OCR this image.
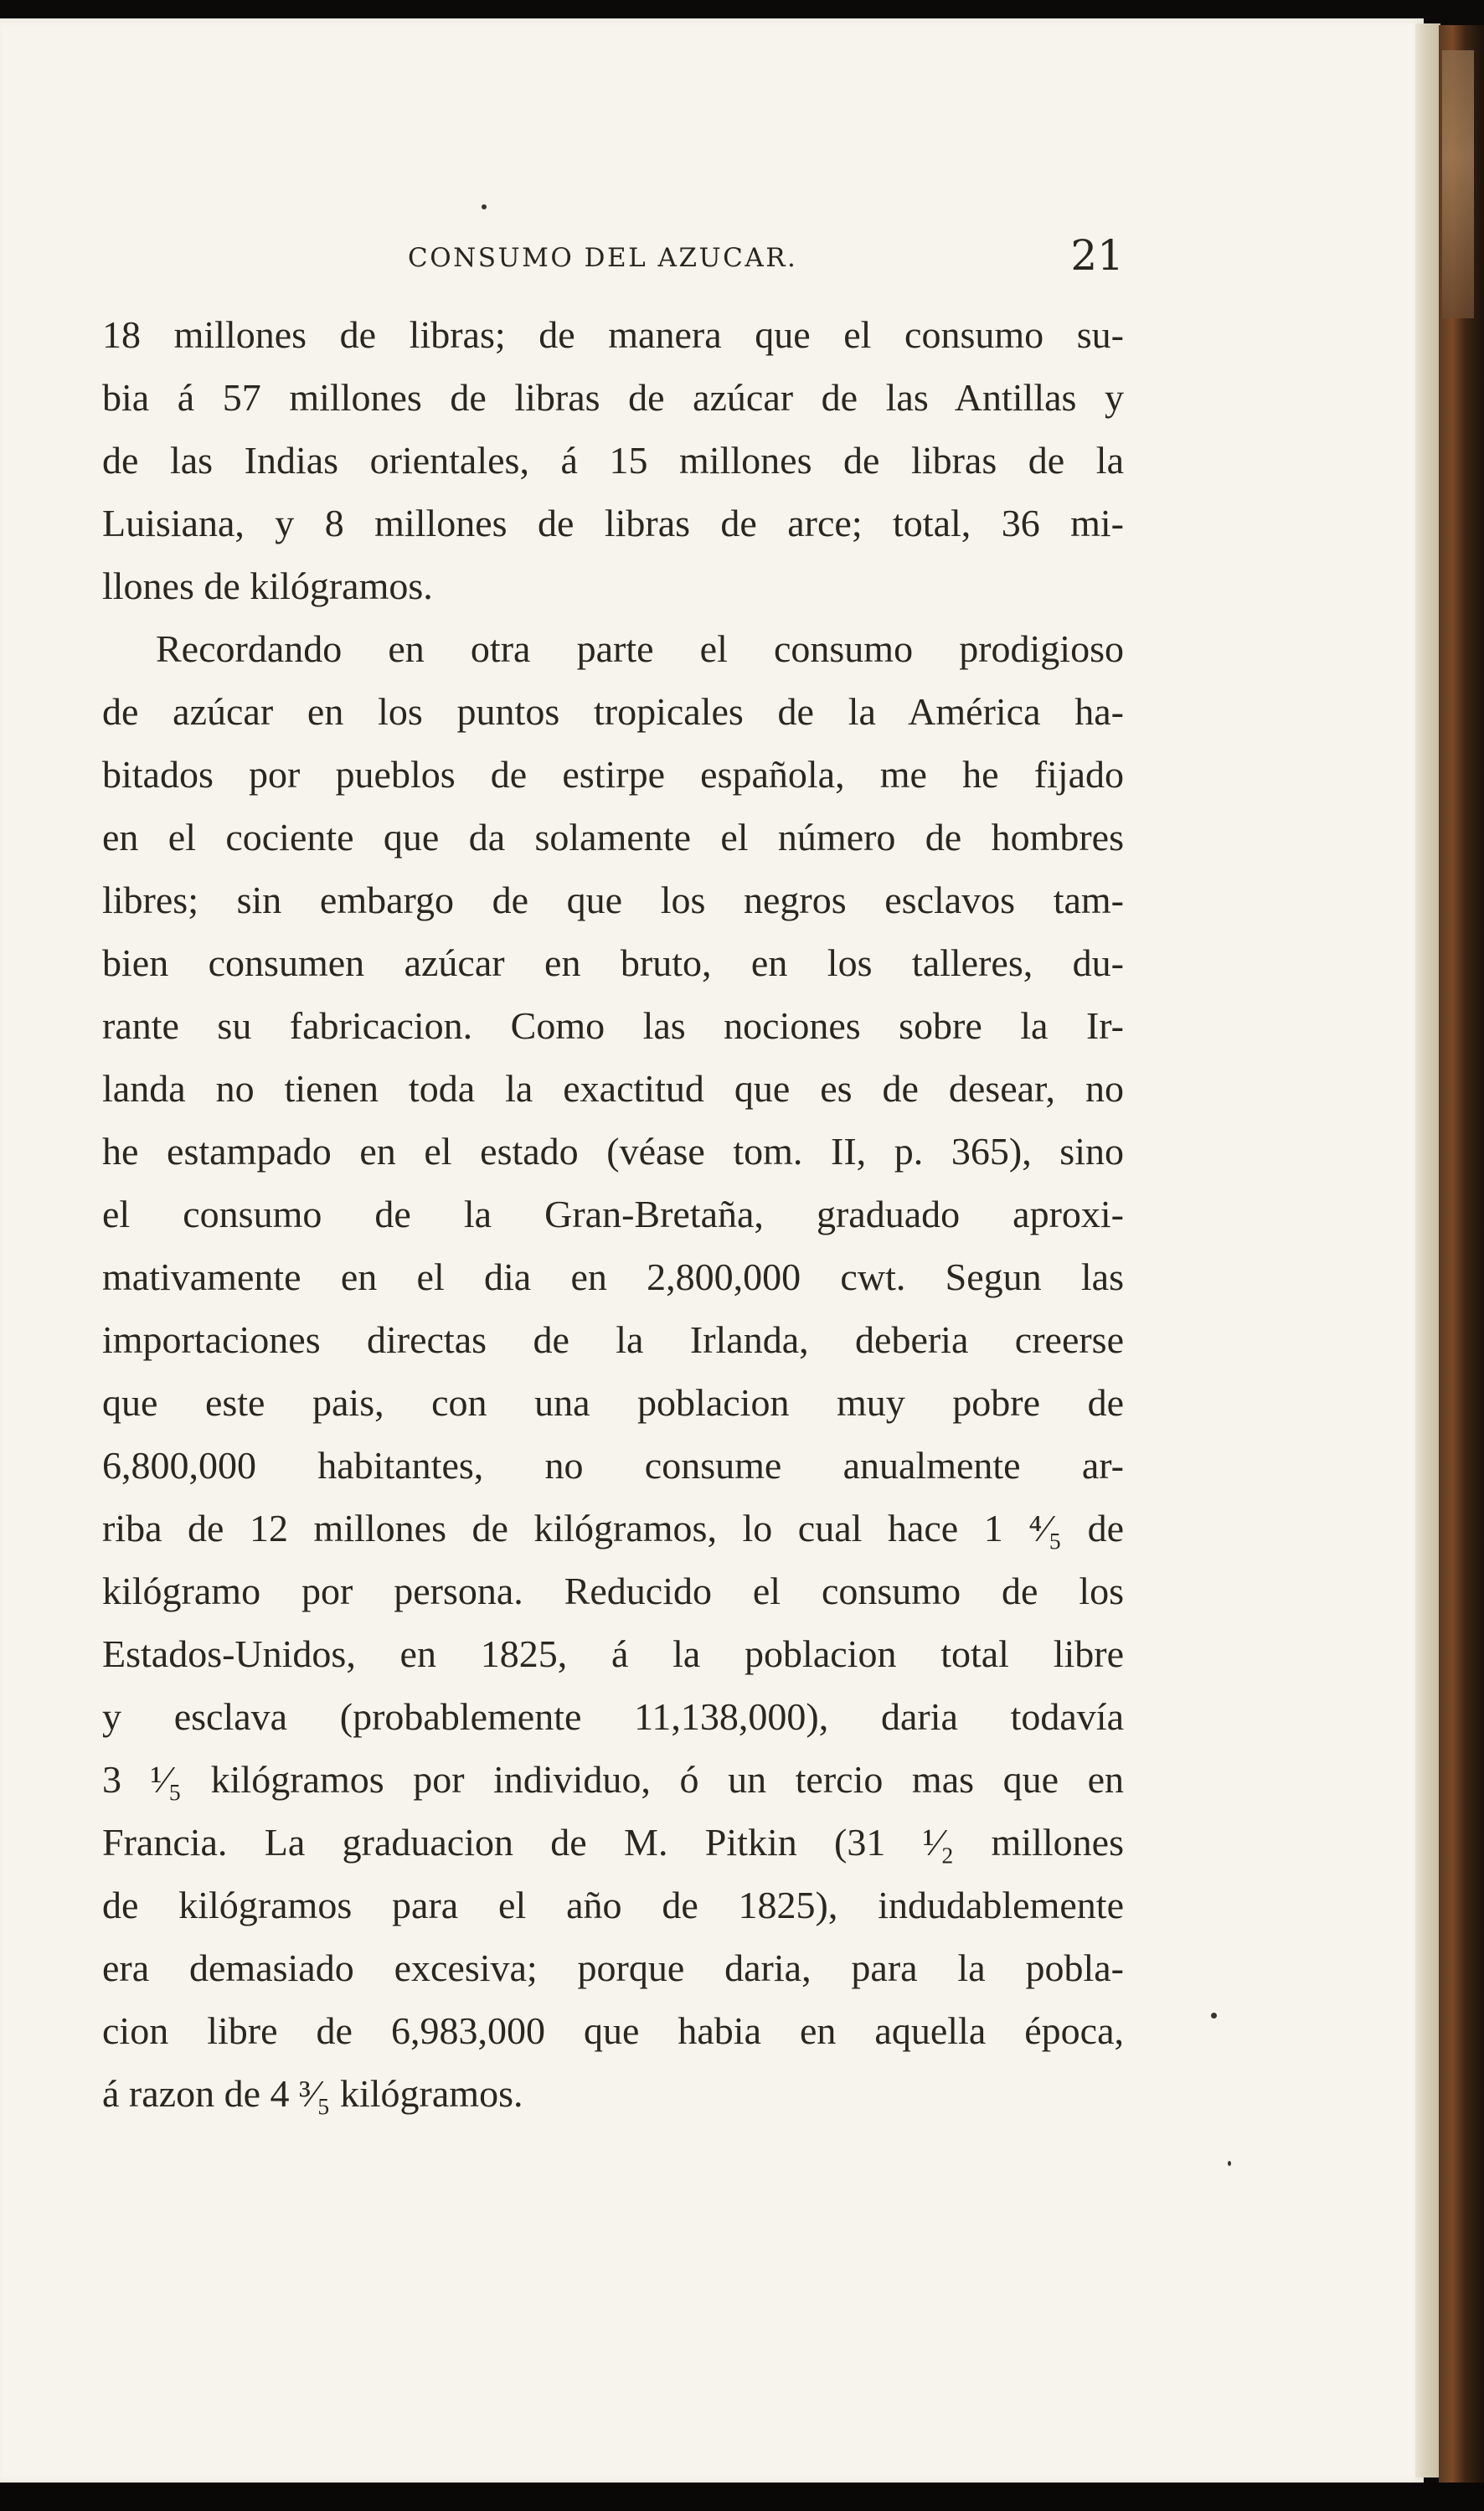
CONSUMO DEL AZUCAR.	21
18 millones de libras; de manera que el consumo su-
bia á 57 millones de libras de azúcar de las Antillas y
de las Indias orientales, á 15 millones de libras de la
Luisiana, y 8 millones de libras de arce; total, 36 mi-
llones de kilógramos.
Recordando en otra parte el consumo prodigioso
de azúcar en los puntos tropicales de la América ha-
bitados por pueblos de estirpe española, me he fijado
en el cociente que da solamente el número de hombres
libres; sin embargo de que los negros esclavos tam-
bien consumen azúcar en bruto, en los talleres, du-
rante su fabricacion. Como las nociones sobre la Ir-
landa no tienen toda la exactitud que es de desear, no
he estampado en el estado (véase tom. II, p. 365), sino
el consumo de la Gran-Bretaña, graduado aproxi-
mativamente en el dia en 2,800,000 cwt. Segun las
importaciones directas de la Irlanda, deberia creerse
que este pais, con una poblacion muy pobre de
6,800,000 habitantes, no consume anualmente ar-
riba de 12 millones de kilógramos, lo cual hace 1 ⁴⁄₅ de
kilógramo por persona. Reducido el consumo de los
Estados-Unidos, en 1825, á la poblacion total libre
y esclava (probablemente 11,138,000), daria todavía
3 ¹⁄₅ kilógramos por individuo, ó un tercio mas que en
Francia. La graduacion de M. Pitkin (31 ¹⁄₂ millones
de kilógramos para el año de 1825), indudablemente
era demasiado excesiva; porque daria, para la pobla-
cion libre de 6,983,000 que habia en aquella época,
á razon de 4 ³⁄₅ kilógramos.
